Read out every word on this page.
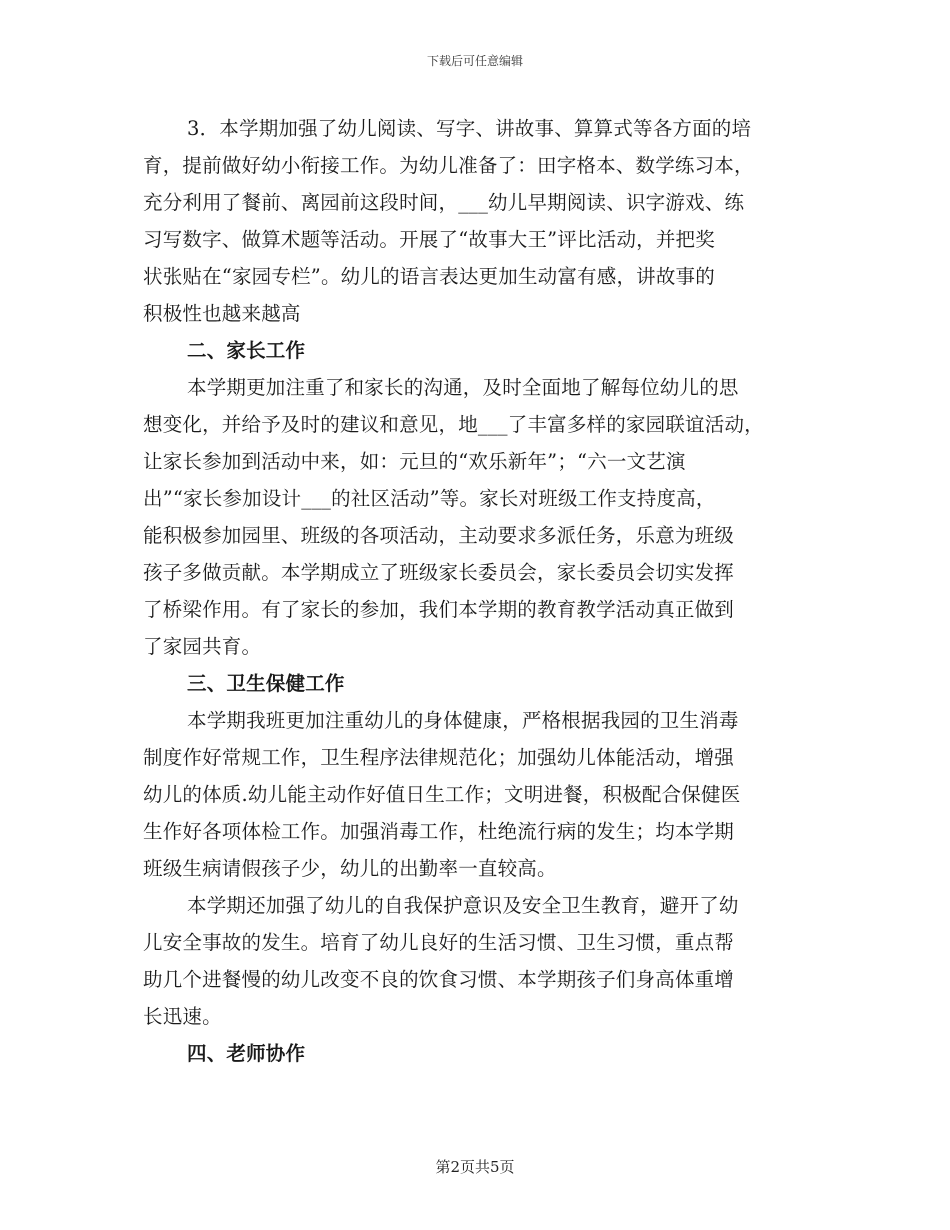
下载后可任意编辑
3．本学期加强了幼儿阅读、写字、讲故事、算算式等各方面的培
育，提前做好幼小衔接工作。为幼儿准备了：田字格本、数学练习本，
充分利用了餐前、离园前这段时间，___幼儿早期阅读、识字游戏、练
习写数字、做算术题等活动。开展了“故事大王”评比活动，并把奖
状张贴在“家园专栏”。幼儿的语言表达更加生动富有感，讲故事的
积极性也越来越高
二、家长工作
本学期更加注重了和家长的沟通，及时全面地了解每位幼儿的思
想变化，并给予及时的建议和意见，地___了丰富多样的家园联谊活动，
让家长参加到活动中来，如：元旦的“欢乐新年”；“六一文艺演
出”“家长参加设计___的社区活动”等。家长对班级工作支持度高，
能积极参加园里、班级的各项活动，主动要求多派任务，乐意为班级
孩子多做贡献。本学期成立了班级家长委员会，家长委员会切实发挥
了桥梁作用。有了家长的参加，我们本学期的教育教学活动真正做到
了家园共育。
三、卫生保健工作
本学期我班更加注重幼儿的身体健康，严格根据我园的卫生消毒
制度作好常规工作，卫生程序法律规范化；加强幼儿体能活动，增强
幼儿的体质.幼儿能主动作好值日生工作；文明进餐，积极配合保健医
生作好各项体检工作。加强消毒工作，杜绝流行病的发生；均本学期
班级生病请假孩子少，幼儿的出勤率一直较高。
本学期还加强了幼儿的自我保护意识及安全卫生教育，避开了幼
儿安全事故的发生。培育了幼儿良好的生活习惯、卫生习惯，重点帮
助几个进餐慢的幼儿改变不良的饮食习惯、本学期孩子们身高体重增
长迅速。
四、老师协作
第2页共5页
